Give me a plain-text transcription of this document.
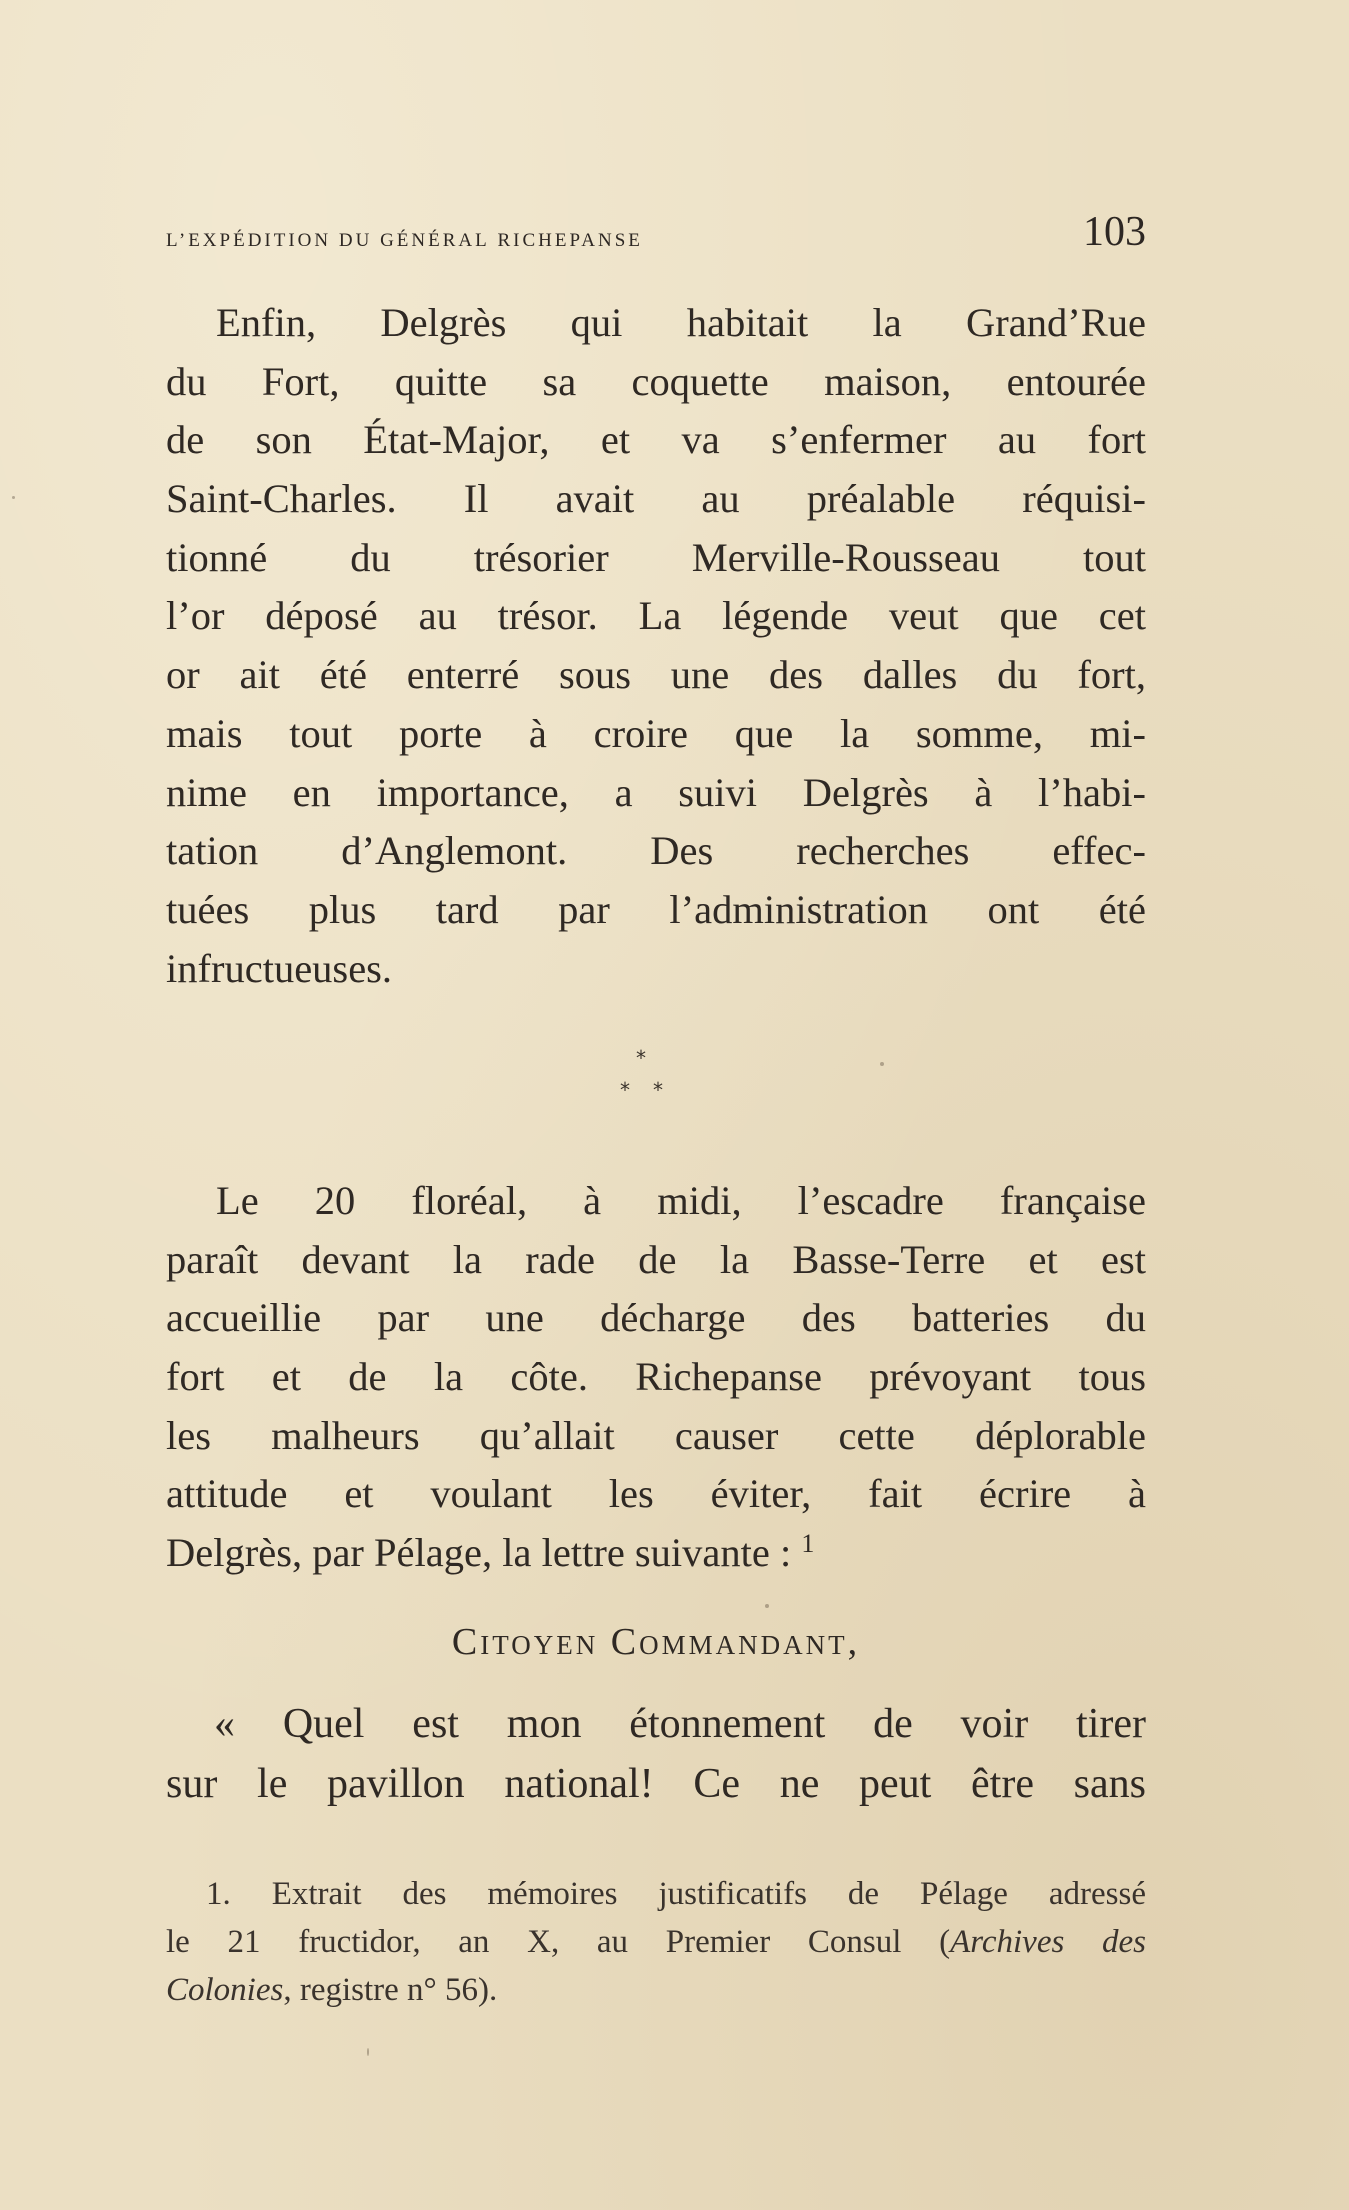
L’expédition du général richepanse	103
Enfin, Delgrès qui habitait la Grand’Rue
du Fort, quitte sa coquette maison, entourée
de son État-Major, et va s’enfermer au fort
Saint-Charles. Il avait au préalable réquisi-
tionné du trésorier Merville-Rousseau tout
l’or déposé au trésor. La légende veut que cet
or ait été enterré sous une des dalles du fort,
mais tout porte à croire que la somme, mi-
nime en importance, a suivi Delgrès à l’habi-
tation d’Anglemont. Des recherches effec-
tuées plus tard par l’administration ont été
infructueuses.
*
* *
Le 20 floréal, à midi, l’escadre française
paraît devant la rade de la Basse-Terre et est
accueillie par une décharge des batteries du
fort et de la côte. Richepanse prévoyant tous
les malheurs qu’allait causer cette déplorable
attitude et voulant les éviter, fait écrire à
Delgrès, par Pélage, la lettre suivante : $^1$
Citoyen Commandant,
« Quel est mon étonnement de voir tirer
sur le pavillon national! Ce ne peut être sans
1. Extrait des mémoires justificatifs de Pélage adressé
le 21 fructidor, an X, au Premier Consul (Archives des
Colonies, registre n° 56).
